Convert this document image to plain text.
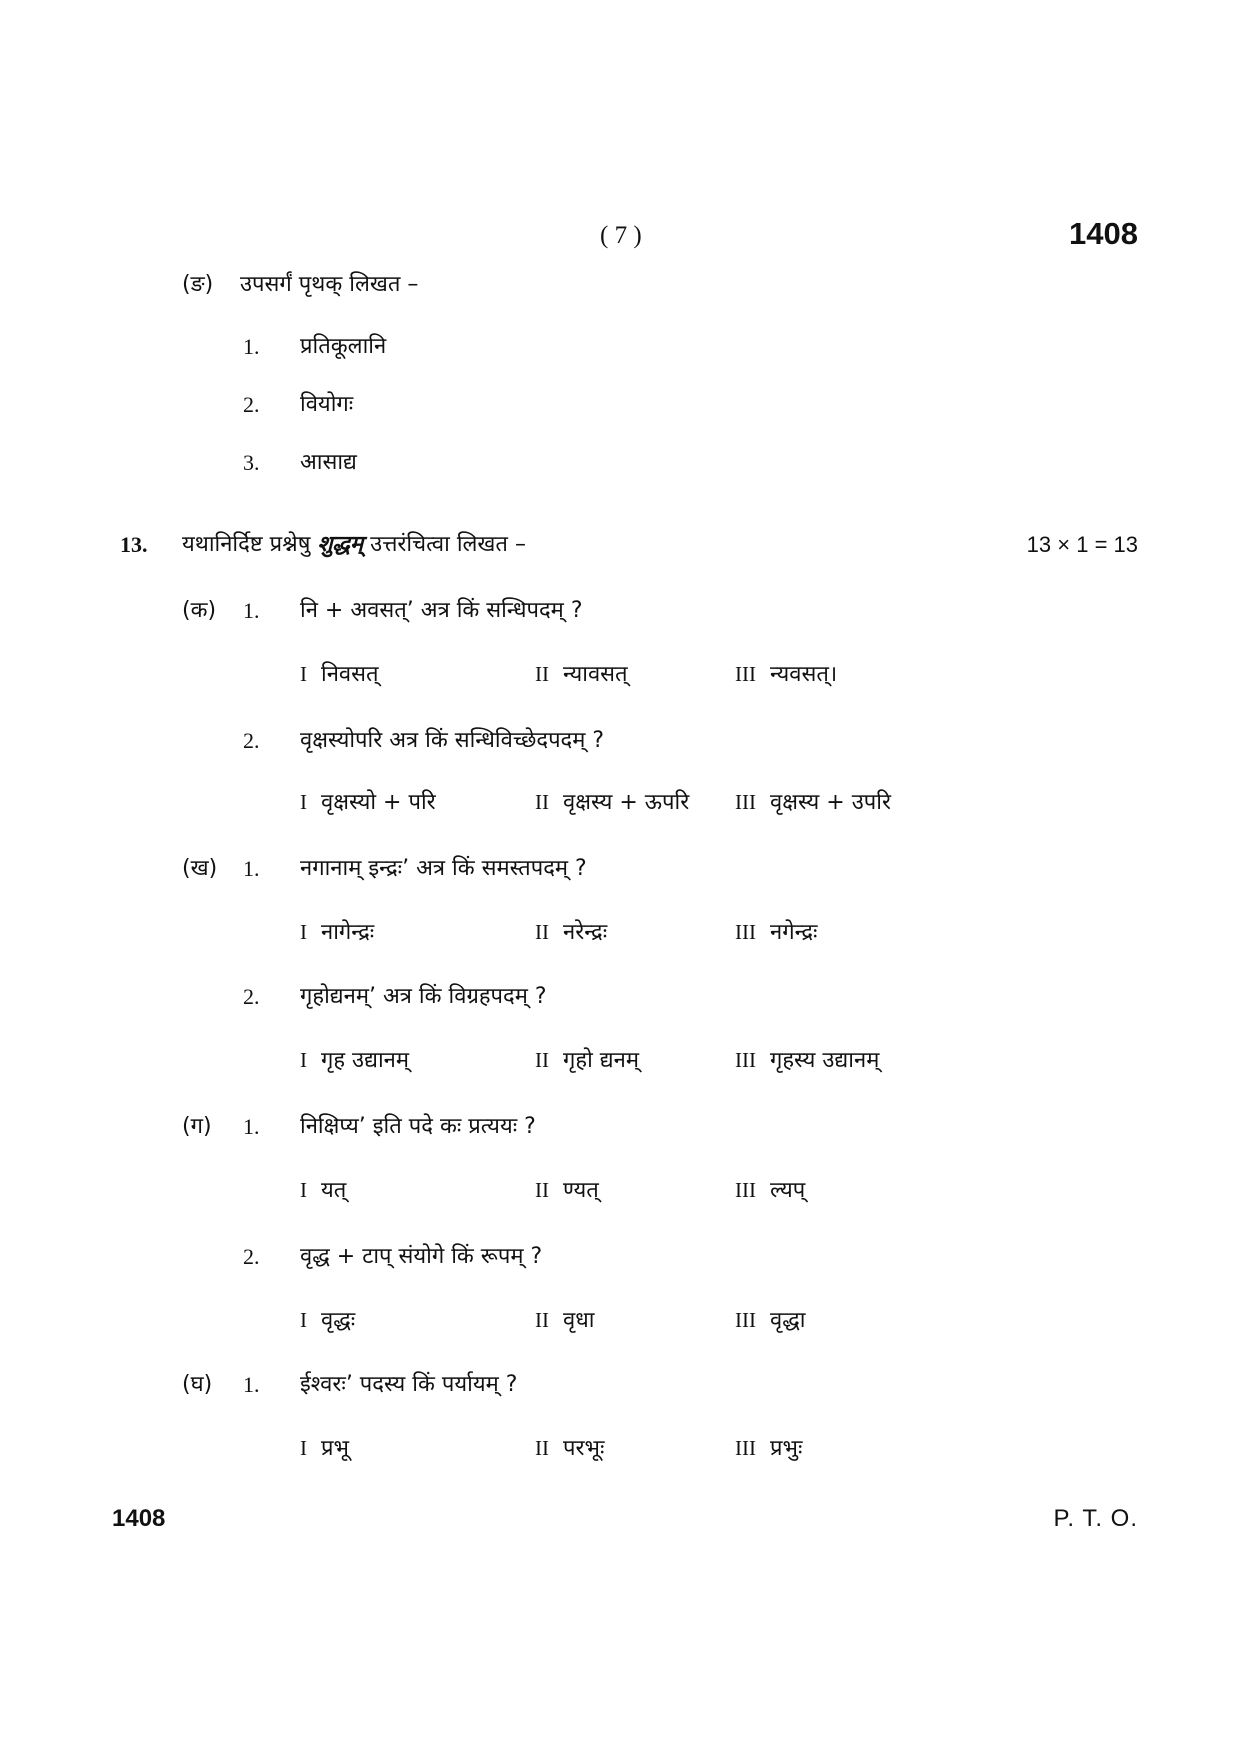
( 7 )	1408
(ङ) उपसर्गं पृथक् लिखत –
1. प्रतिकूलानि
2. वियोगः
3. आसाद्य
13. यथानिर्दिष्ट प्रश्नेषु शुद्धम् उत्तरंचित्वा लिखत –	13 × 1 = 13
(क) 1. नि + अवसत्’ अत्र किं सन्धिपदम् ?
I निवसत्	II न्यावसत्	III न्यवसत्।
2. वृक्षस्योपरि अत्र किं सन्धिविच्छेदपदम् ?
I वृक्षस्यो + परि	II वृक्षस्य + ऊपरि III वृक्षस्य + उपरि
(ख) 1. नगानाम् इन्द्रः’ अत्र किं समस्तपदम् ?
I नागेन्द्रः	II नरेन्द्रः	III नगेन्द्रः
2. गृहोद्यनम्’ अत्र किं विग्रहपदम् ?
I गृह उद्यानम्	II गृहो द्यनम्	III गृहस्य उद्यानम्
(ग) 1. निक्षिप्य’ इति पदे कः प्रत्ययः ?
I यत्	II ण्यत्	III ल्यप्
2. वृद्ध + टाप् संयोगे किं रूपम् ?
I वृद्धः	II वृधा	III वृद्धा
(घ) 1. ईश्वरः’ पदस्य किं पर्यायम् ?
I प्रभू	II परभूः	III प्रभुः
1408	P. T. O.
